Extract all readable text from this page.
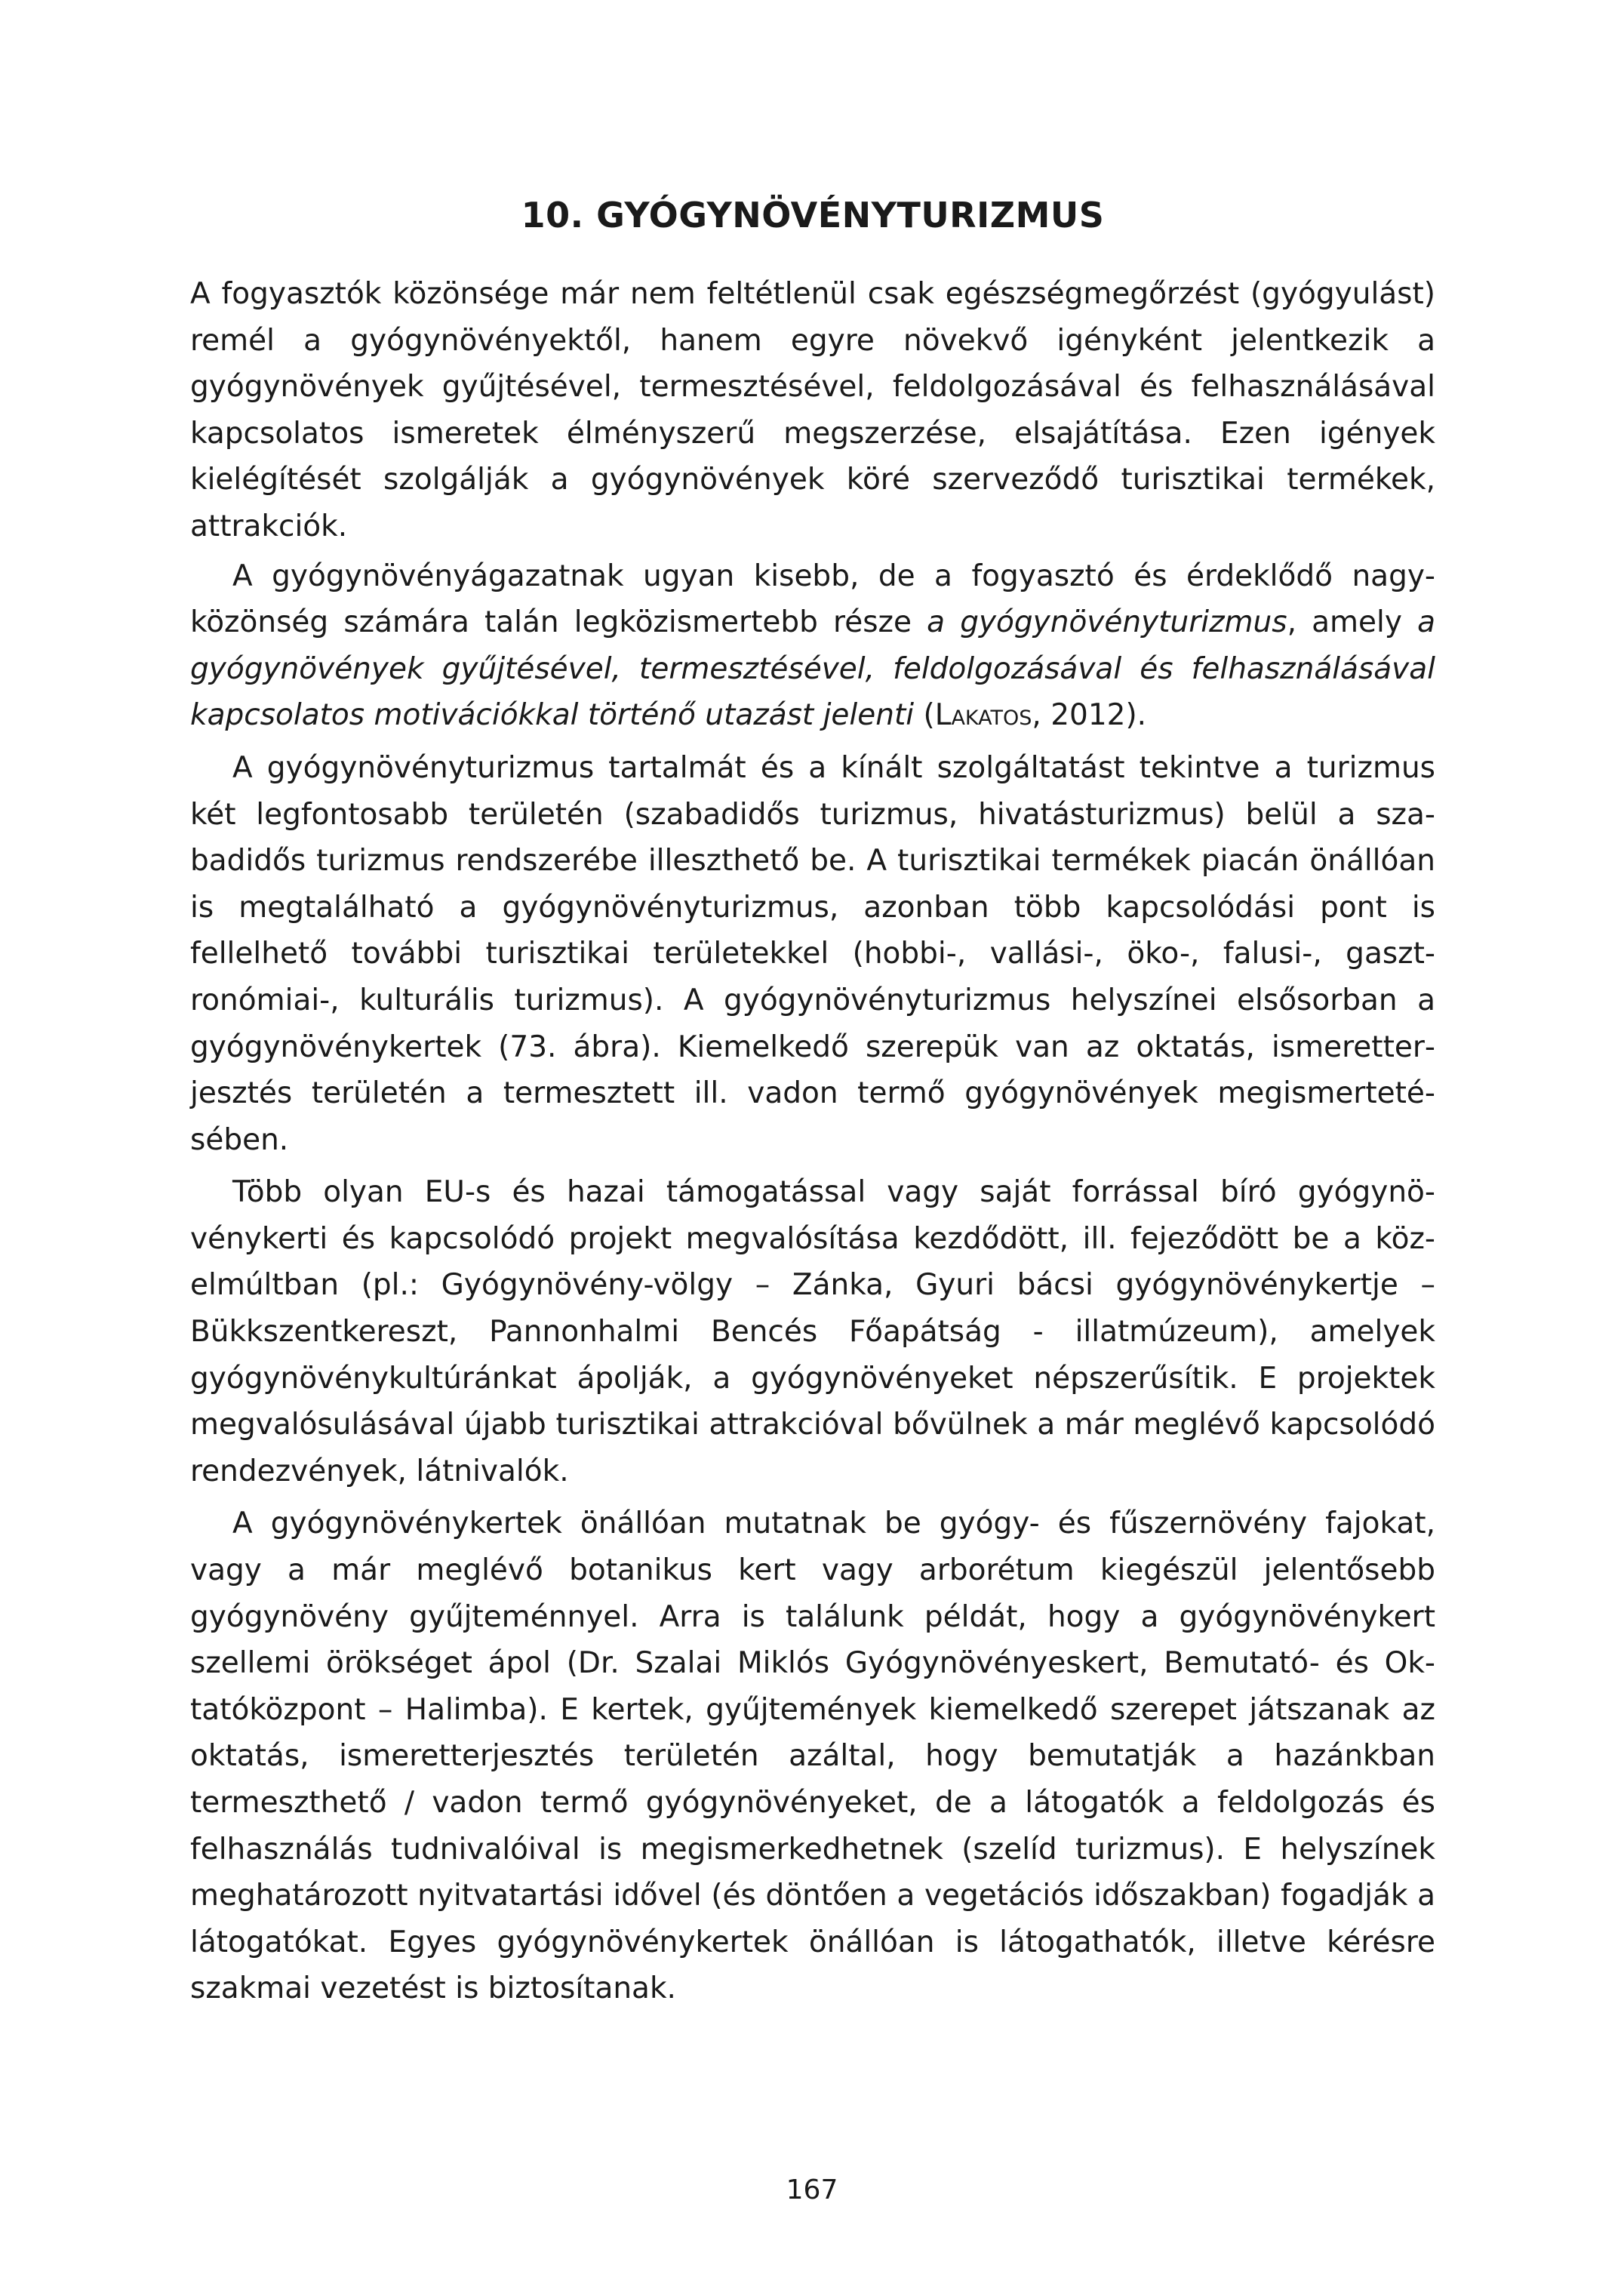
10. GYÓGYNÖVÉNYTURIZMUS

A fogyasztók közönsége már nem feltétlenül csak egészségmegőrzést (gyógyulást) remél a gyógynövényektől, hanem egyre növekvő igényként jelentkezik a gyógynövények gyűjtésével, termesztésével, feldolgozásával és felhasználásával kapcsolatos ismeretek élményszerű megszerzése, elsajátítása. Ezen igények kielégítését szolgálják a gyógynövények köré szerveződő turisztikai termékek, attrakciók.

A gyógynövényágazatnak ugyan kisebb, de a fogyasztó és érdeklődő nagyközönség számára talán legközismertebb része a gyógynövényturizmus, amely a gyógynövények gyűjtésével, termesztésével, feldolgozásával és felhasználásával kapcsolatos motivációkkal történő utazást jelenti (Lakatos, 2012).

A gyógynövényturizmus tartalmát és a kínált szolgáltatást tekintve a turizmus két legfontosabb területén (szabadidős turizmus, hivatásturizmus) belül a szabadidős turizmus rendszerébe illeszthető be. A turisztikai termékek piacán önállóan is megtalálható a gyógynövényturizmus, azonban több kapcsolódási pont is fellelhető további turisztikai területekkel (hobbi-, vallási-, öko-, falusi-, gasztronómiai-, kulturális turizmus). A gyógynövényturizmus helyszínei elsősorban a gyógynövénykertek (73. ábra). Kiemelkedő szerepük van az oktatás, ismeretterjesztés területén a termesztett ill. vadon termő gyógynövények megismertetésében.

Több olyan EU-s és hazai támogatással vagy saját forrással bíró gyógynövénykerti és kapcsolódó projekt megvalósítása kezdődött, ill. fejeződött be a közelmúltban (pl.: Gyógynövény-völgy – Zánka, Gyuri bácsi gyógynövénykertje – Bükkszentkereszt, Pannonhalmi Bencés Főapátság - illatmúzeum), amelyek gyógynövénykultúránkat ápolják, a gyógynövényeket népszerűsítik. E projektek megvalósulásával újabb turisztikai attrakcióval bővülnek a már meglévő kapcsolódó rendezvények, látnivalók.

A gyógynövénykertek önállóan mutatnak be gyógy- és fűszernövény fajokat, vagy a már meglévő botanikus kert vagy arborétum kiegészül jelentősebb gyógynövény gyűjteménnyel. Arra is találunk példát, hogy a gyógynövénykert szellemi örökséget ápol (Dr. Szalai Miklós Gyógynövényeskert, Bemutató- és Oktatóközpont – Halimba). E kertek, gyűjtemények kiemelkedő szerepet játszanak az oktatás, ismeretterjesztés területén azáltal, hogy bemutatják a hazánkban termeszthető / vadon termő gyógynövényeket, de a látogatók a feldolgozás és felhasználás tudnivalóival is megismerkedhetnek (szelíd turizmus). E helyszínek meghatározott nyitvatartási idővel (és döntően a vegetációs időszakban) fogadják a látogatókat. Egyes gyógynövénykertek önállóan is látogathatók, illetve kérésre szakmai vezetést is biztosítanak.

167
